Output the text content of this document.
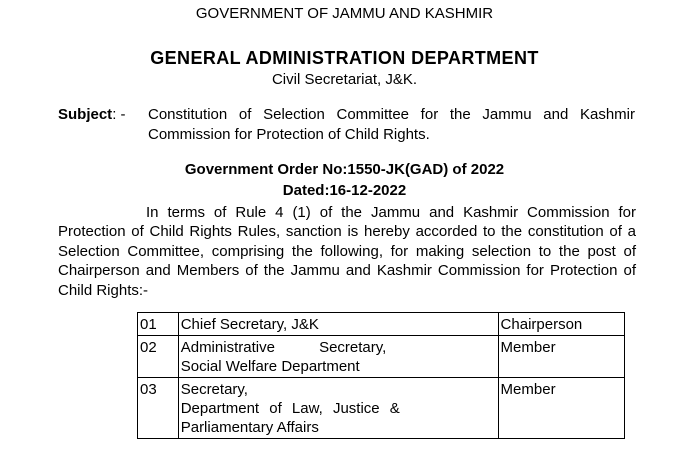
GOVERNMENT OF JAMMU AND KASHMIR
GENERAL ADMINISTRATION DEPARTMENT
Civil Secretariat, J&K.
Subject: - Constitution of Selection Committee for the Jammu and Kashmir Commission for Protection of Child Rights.
Government Order No:1550-JK(GAD) of 2022
Dated:16-12-2022
In terms of Rule 4 (1) of the Jammu and Kashmir Commission for Protection of Child Rights Rules, sanction is hereby accorded to the constitution of a Selection Committee, comprising the following, for making selection to the post of Chairperson and Members of the Jammu and Kashmir Commission for Protection of Child Rights:-
01	Chief Secretary, J&K	Chairperson
02	Administrative Secretary,
Social Welfare Department	Member
03	Secretary,
Department of Law, Justice &
Parliamentary Affairs	Member
